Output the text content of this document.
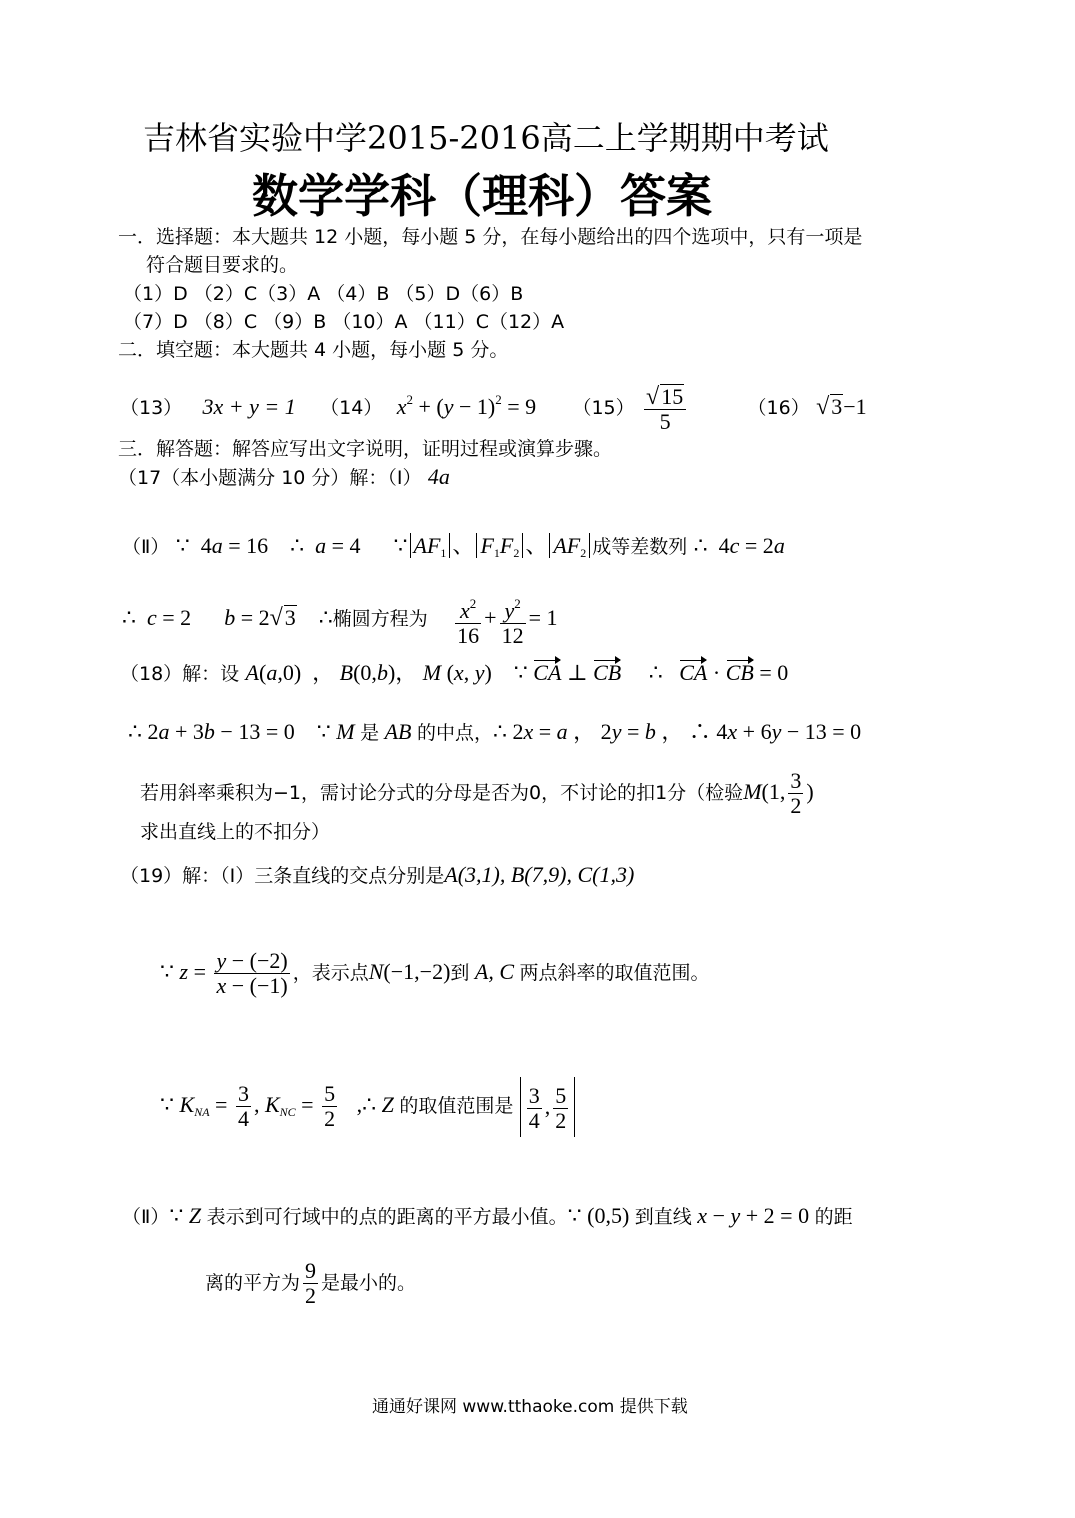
吉林省实验中学2015-2016高二上学期期中考试
数学学科（理科）答案
一．选择题：本大题共 12 小题，每小题 5 分，在每小题给出的四个选项中，只有一项是
符合题目要求的。
（1）D （2）C（3）A （4）B （5）D（6）B
（7）D （8）C （9）B （10）A （11）C（12）A
二．填空题：本大题共 4 小题，每小题 5 分。
（13） 3x + y = 1 （14） $x^2 + (y - 1)^2 = 9$ $(15) \frac{√15}{5}$	（16） √3−1
三．解答题：解答应写出文字说明，证明过程或演算步骤。
（17（本小题满分 10 分）解：（Ⅰ） 4a
（Ⅱ） ∵  4a = 16    ∴  a = 4      ∵ $AF_1$ 、 $F_1F_2$ 、 $AF_2$ 成等差数列 ∴  4c = 2a
∴  c = 2      b = 2√3    ∴椭圆方程为 $\frac{x^2}{16} + \frac{y^2}{12} = 1$
（18）解：设 A(a,0)  ， B(0,b)， M (x, y)    ∵ CA ⊥ CB     ∴   CA · CB = 0
∴ 2a + 3b − 13 = 0    ∵ M 是 AB 的中点，∴ 2x = a ， 2y = b ， ∴ 4x + 6y − 13 = 0
若用斜率乘积为−1，需讨论分式的分母是否为0，不讨论的扣1分（检验M(1, $\frac{3}{2}$ )
求出直线上的不扣分）
（19）解：（Ⅰ）三条直线的交点分别是A(3,1), B(7,9), C(1,3)
∵ $z = \frac{y - (-2)}{x - (-1)}$ ，表示点N(−1,−2)到 A, C 两点斜率的取值范围。
∵ $K_{NA} = \frac{3}{4}$ , $K_{NC} = \frac{5}{2}$ ,∴ Z 的取值范围是 $\frac{3}{4}$ , $\frac{5}{2}$
（Ⅱ）∵ Z 表示到可行域中的点的距离的平方最小值。∵ (0,5) 到直线 x − y + 2 = 0 的距
离的平方为 $\frac{9}{2}$ 是最小的。
通通好课网 www.tthaoke.com 提供下载
